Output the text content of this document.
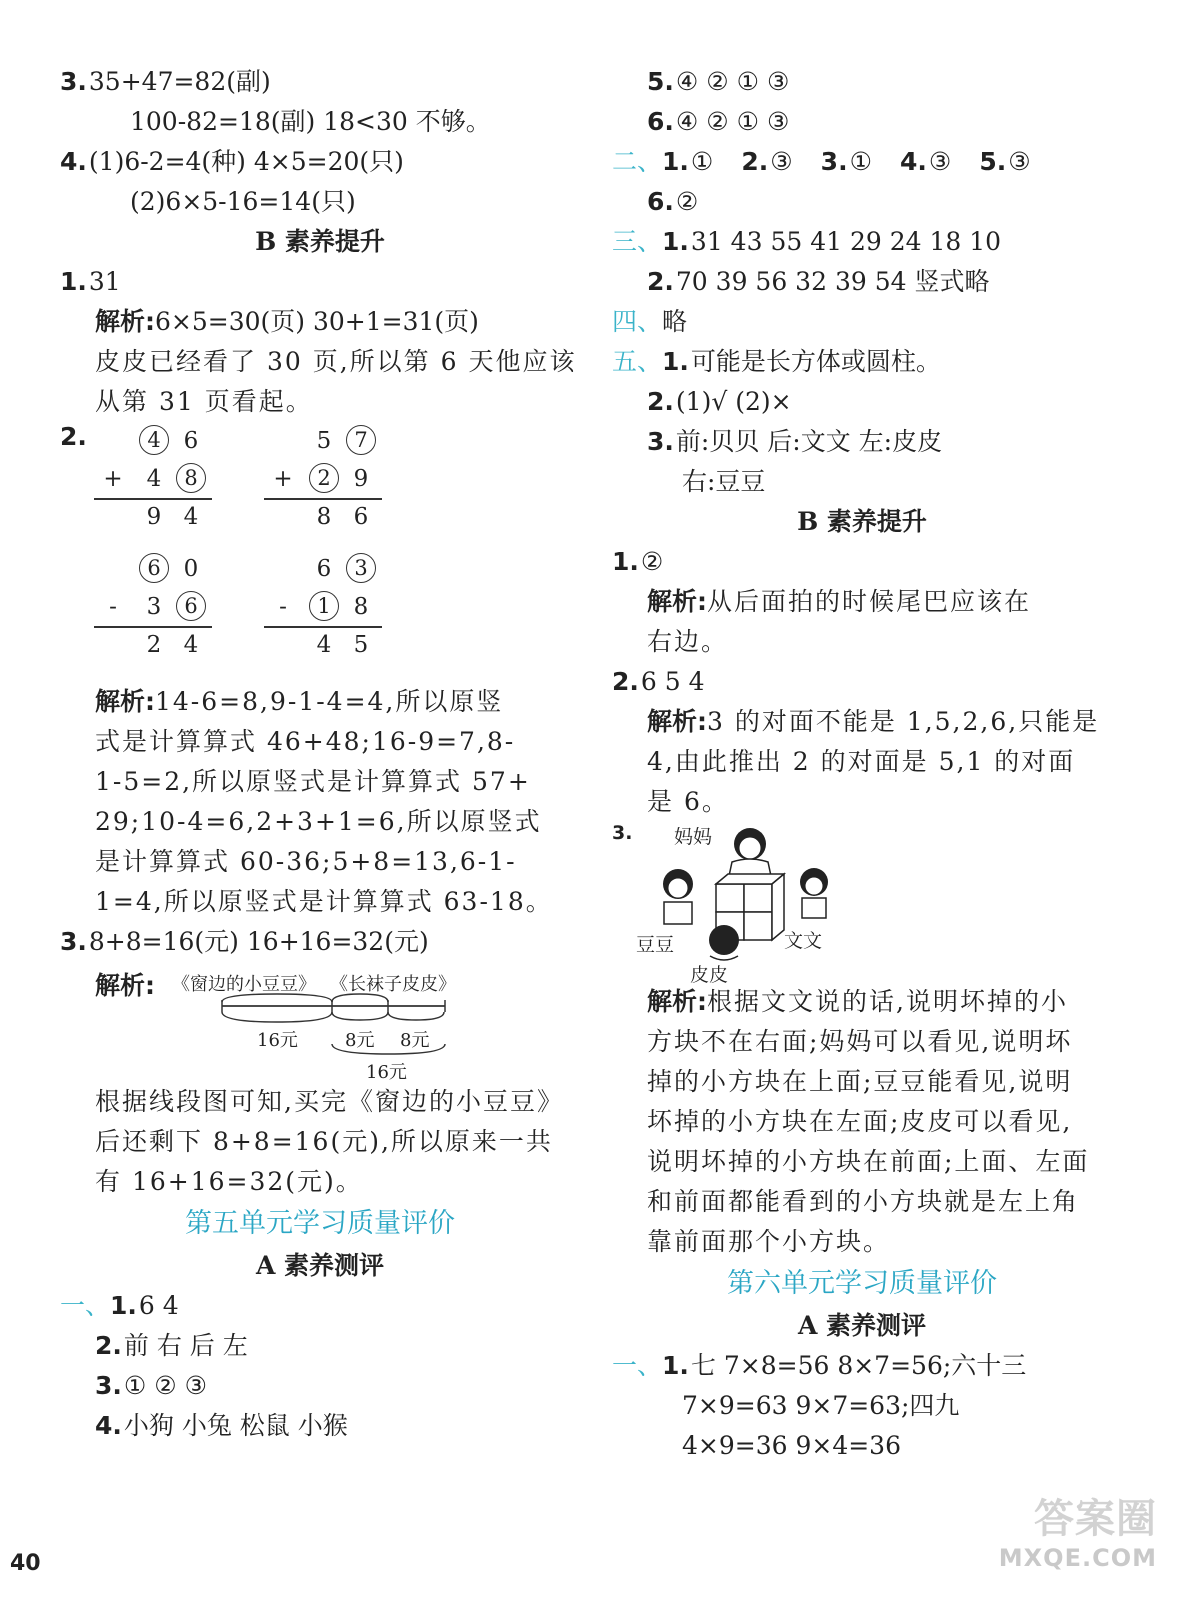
3.35+47=82(副)
100-82=18(副) 18<30 不够。
4.(1)6-2=4(种) 4×5=20(只)
(2)6×5-16=14(只)
B 素养提升
1.31
解析:6×5=30(页) 30+1=31(页)
皮皮已经看了 30 页,所以第 6 天他应该
从第 31 页看起。
2.	4 6
+	4	8
9 4
5	7
+	2 9
8 6
6 0
-	3	6
2 4
6	3
-	1 8
4 5
解析:14-6=8,9-1-4=4,所以原竖
式是计算算式 46+48;16-9=7,8-
1-5=2,所以原竖式是计算算式 57+
29;10-4=6,2+3+1=6,所以原竖式
是计算算式 60-36;5+8=13,6-1-
1=4,所以原竖式是计算算式 63-18。
3.8+8=16(元) 16+16=32(元)
解析: 《窗边的小豆豆》 《长袜子皮皮》
16元	8元 8元
16元
根据线段图可知,买完《窗边的小豆豆》
后还剩下 8+8=16(元),所以原来一共
有 16+16=32(元)。
第五单元学习质量评价
A 素养测评
一、1.6 4
2.前 右 后 左
3.① ② ③
4.小狗 小兔 松鼠 小猴
5.④ ② ① ③
6.④ ② ① ③
二、1.① 2.③ 3.① 4.③ 5.③
6.②
三、1.31 43 55 41 29 24 18 10
2.70 39 56 32 39 54 竖式略
四、略
五、1.可能是长方体或圆柱。
2.(1)√ (2)×
3.前:贝贝 后:文文 左:皮皮
右:豆豆
B 素养提升
1.②
解析:从后面拍的时候尾巴应该在
右边。
2.6 5 4
解析:3 的对面不能是 1,5,2,6,只能是
4,由此推出 2 的对面是 5,1 的对面
是 6。
3. 妈妈
豆豆	文文
皮皮
解析:根据文文说的话,说明坏掉的小
方块不在右面;妈妈可以看见,说明坏
掉的小方块在上面;豆豆能看见,说明
坏掉的小方块在左面;皮皮可以看见,
说明坏掉的小方块在前面;上面、左面
和前面都能看到的小方块就是左上角
靠前面那个小方块。
第六单元学习质量评价
A 素养测评
一、1.七 7×8=56 8×7=56;六十三
7×9=63 9×7=63;四九
4×9=36 9×4=36
40
答案圈
MXQE.COM
